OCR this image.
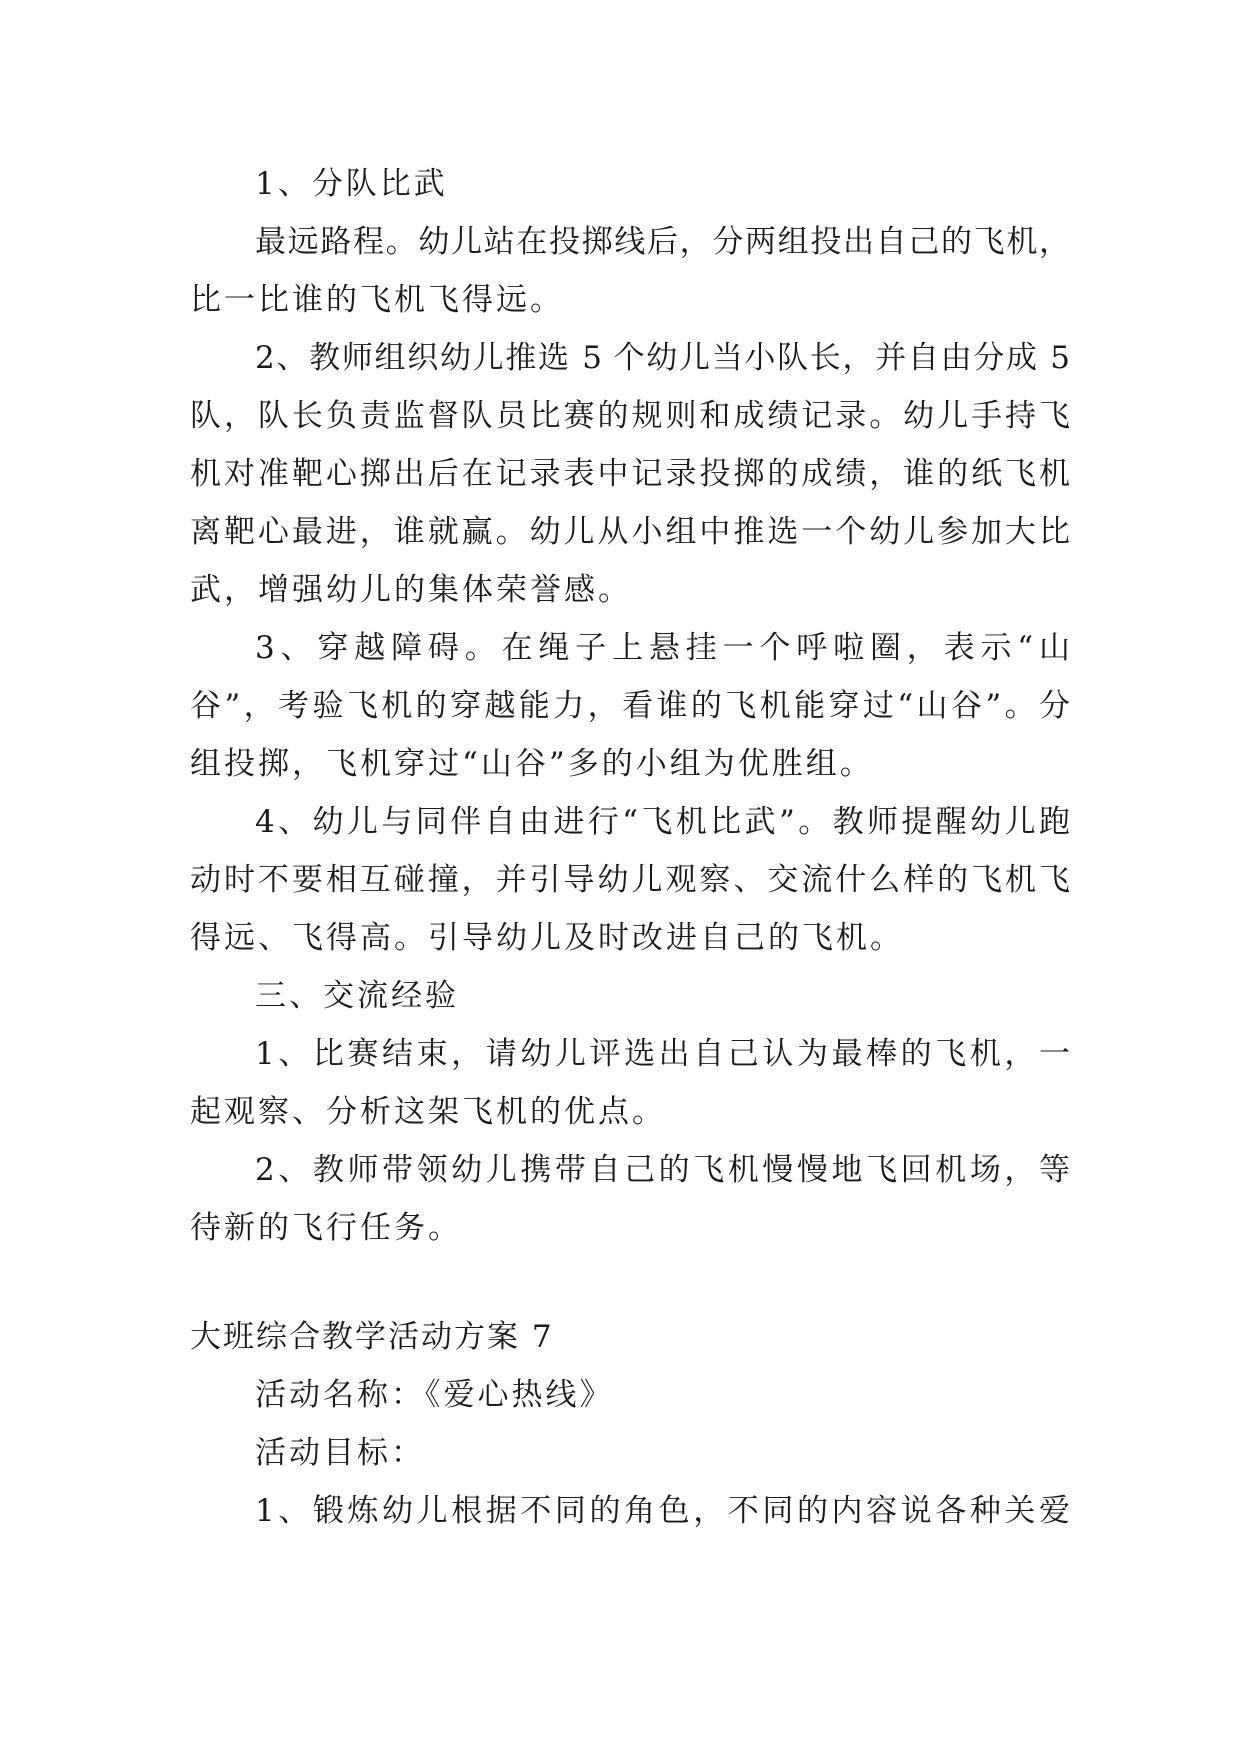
1、分队比武
最远路程。幼儿站在投掷线后，分两组投出自己的飞机，
比一比谁的飞机飞得远。
2、教师组织幼儿推选 5 个幼儿当小队长，并自由分成 5
队，队长负责监督队员比赛的规则和成绩记录。幼儿手持飞
机对准靶心掷出后在记录表中记录投掷的成绩，谁的纸飞机
离靶心最进，谁就赢。幼儿从小组中推选一个幼儿参加大比
武，增强幼儿的集体荣誉感。
3、穿越障碍。在绳子上悬挂一个呼啦圈，表示“山
谷”，考验飞机的穿越能力，看谁的飞机能穿过“山谷”。分
组投掷，飞机穿过“山谷”多的小组为优胜组。
4、幼儿与同伴自由进行“飞机比武”。教师提醒幼儿跑
动时不要相互碰撞，并引导幼儿观察、交流什么样的飞机飞
得远、飞得高。引导幼儿及时改进自己的飞机。
三、交流经验
1、比赛结束，请幼儿评选出自己认为最棒的飞机，一
起观察、分析这架飞机的优点。
2、教师带领幼儿携带自己的飞机慢慢地飞回机场，等
待新的飞行任务。
大班综合教学活动方案 7
活动名称：《爱心热线》
活动目标：
1、锻炼幼儿根据不同的角色，不同的内容说各种关爱
